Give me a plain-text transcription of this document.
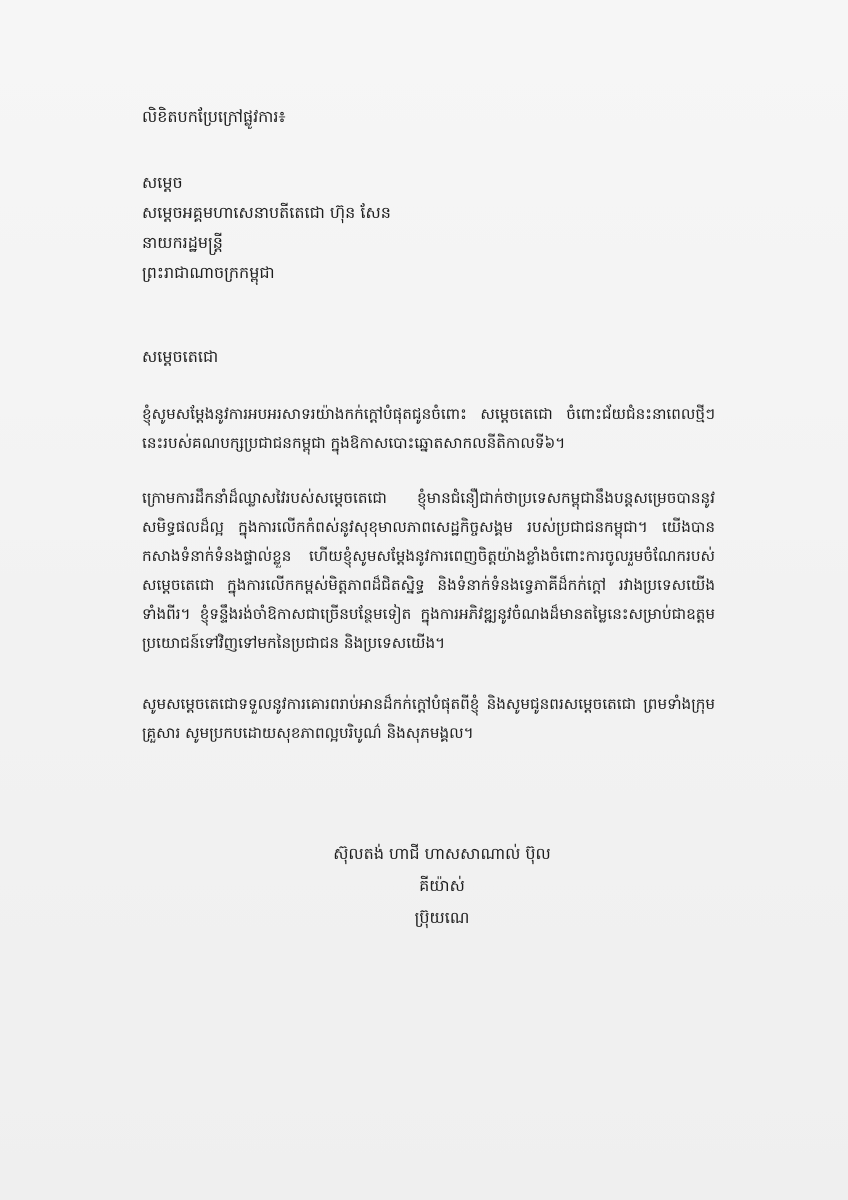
លិខិតបកប្រែក្រៅផ្លូវការ៖
សម្តេច
សម្តេចអគ្គមហាសេនាបតីតេជោ ហ៊ុន សែន
នាយករដ្ឋមន្ត្រី
ព្រះរាជាណាចក្រកម្ពុជា
សម្តេចតេជោ
ខ្ញុំសូមសម្តែងនូវការអបអរសាទរយ៉ាងកក់ក្តៅបំផុតជូនចំពោះ សម្តេចតេជោ ចំពោះជ័យជំនះនាពេលថ្មីៗនេះរបស់គណបក្សប្រជាជនកម្ពុជា ក្នុងឱកាសបោះឆ្នោតសាកលនីតិកាលទី៦។
ក្រោមការដឹកនាំដ៏ឈ្លាសវៃរបស់សម្តេចតេជោ ខ្ញុំមានជំនឿជាក់ថាប្រទេសកម្ពុជានឹងបន្តសម្រេចបាននូវសមិទ្ធផលដ៏ល្អ ក្នុងការលើកកំពស់នូវសុខុមាលភាពសេដ្ឋកិច្ចសង្គម របស់ប្រជាជនកម្ពុជា។ យើងបានកសាងទំនាក់ទំនងផ្ទាល់ខ្លួន ហើយខ្ញុំសូមសម្តែងនូវការពេញចិត្តយ៉ាងខ្លាំងចំពោះការចូលរួមចំណែករបស់សម្តេចតេជោ ក្នុងការលើកកម្ពស់មិត្តភាពដ៏ជិតស្និទ្ធ និងទំនាក់ទំនងទ្វេភាគីដ៏កក់ក្តៅ រវាងប្រទេសយើងទាំងពីរ។ ខ្ញុំទន្ទឹងរង់ចាំឱកាសជាច្រើនបន្ថែមទៀត ក្នុងការអភិវឌ្ឍនូវចំណងដ៏មានតម្លៃនេះសម្រាប់ជាឧត្តមប្រយោជន៍ទៅវិញទៅមកនៃប្រជាជន និងប្រទេសយើង។
សូមសម្តេចតេជោទទួលនូវការគោរពរាប់អានដ៏កក់ក្តៅបំផុតពីខ្ញុំ និងសូមជូនពរសម្តេចតេជោ ព្រមទាំងក្រុមគ្រួសារ សូមប្រកបដោយសុខភាពល្អបរិបូណ៌ និងសុភមង្គល។
ស៊ុលតង់ ហាជី ហាសសាណាល់ ប៊ុលគីយ៉ាស់
ប្រ៊ុយណេ
